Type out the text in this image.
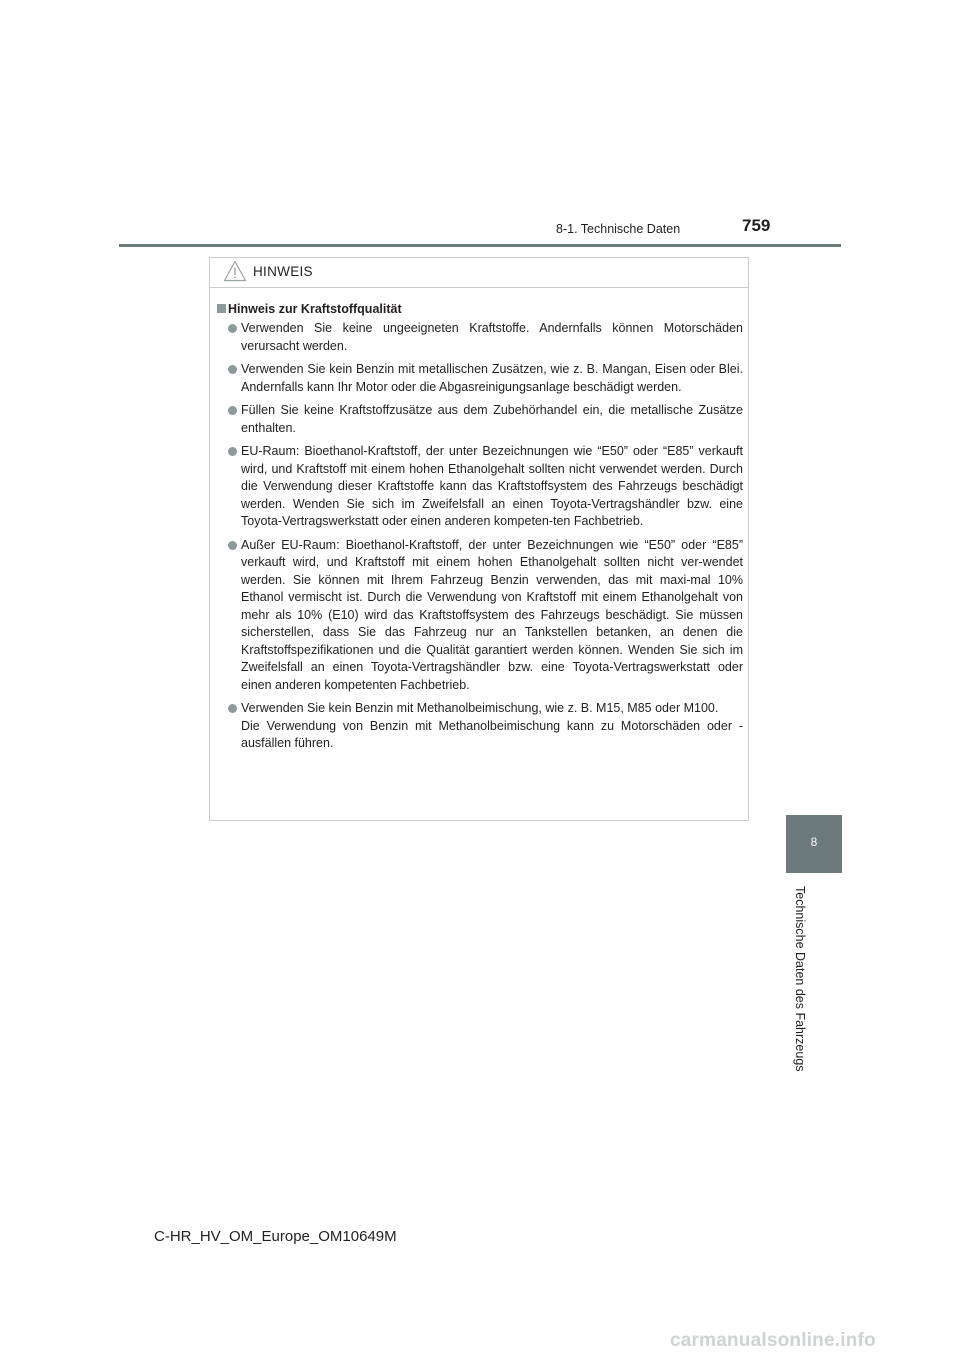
8-1. Technische Daten	759
HINWEIS
Hinweis zur Kraftstoffqualität
Verwenden Sie keine ungeeigneten Kraftstoffe. Andernfalls können Motorschäden verursacht werden.
Verwenden Sie kein Benzin mit metallischen Zusätzen, wie z. B. Mangan, Eisen oder Blei. Andernfalls kann Ihr Motor oder die Abgasreinigungsanlage beschädigt werden.
Füllen Sie keine Kraftstoffzusätze aus dem Zubehörhandel ein, die metallische Zusätze enthalten.
EU-Raum: Bioethanol-Kraftstoff, der unter Bezeichnungen wie “E50” oder “E85” verkauft wird, und Kraftstoff mit einem hohen Ethanolgehalt sollten nicht verwendet werden. Durch die Verwendung dieser Kraftstoffe kann das Kraftstoffsystem des Fahrzeugs beschädigt werden. Wenden Sie sich im Zweifelsfall an einen Toyota-Vertragshändler bzw. eine Toyota-Vertragswerkstatt oder einen anderen kompeten-ten Fachbetrieb.
Außer EU-Raum: Bioethanol-Kraftstoff, der unter Bezeichnungen wie “E50” oder “E85” verkauft wird, und Kraftstoff mit einem hohen Ethanolgehalt sollten nicht ver-wendet werden. Sie können mit Ihrem Fahrzeug Benzin verwenden, das mit maxi-mal 10% Ethanol vermischt ist. Durch die Verwendung von Kraftstoff mit einem Ethanolgehalt von mehr als 10% (E10) wird das Kraftstoffsystem des Fahrzeugs beschädigt. Sie müssen sicherstellen, dass Sie das Fahrzeug nur an Tankstellen betanken, an denen die Kraftstoffspezifikationen und die Qualität garantiert werden können. Wenden Sie sich im Zweifelsfall an einen Toyota-Vertragshändler bzw. eine Toyota-Vertragswerkstatt oder einen anderen kompetenten Fachbetrieb.
Verwenden Sie kein Benzin mit Methanolbeimischung, wie z. B. M15, M85 oder M100.
Die Verwendung von Benzin mit Methanolbeimischung kann zu Motorschäden oder -ausfällen führen.
8
Technische Daten des Fahrzeugs
C-HR_HV_OM_Europe_OM10649M
carmanualsonline.info
